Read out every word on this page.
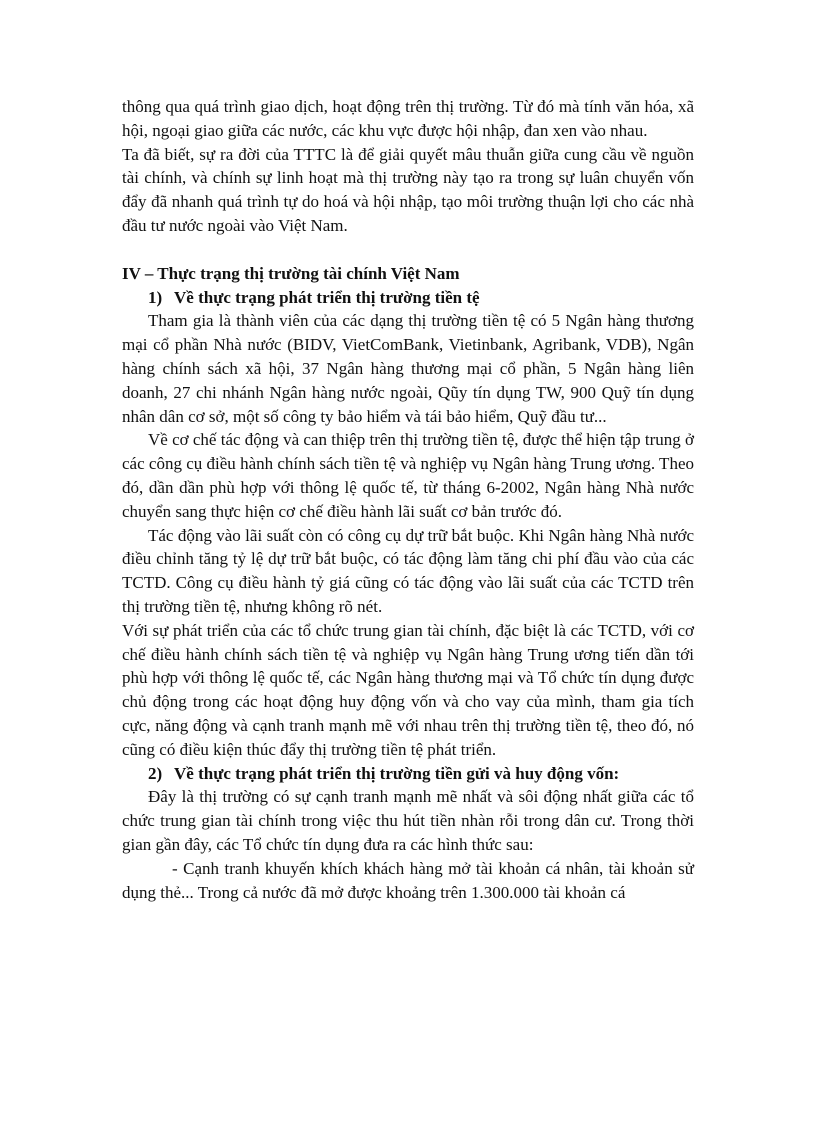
thông qua quá trình giao dịch, hoạt động trên thị trường. Từ đó mà tính văn hóa, xã hội, ngoại giao giữa các nước, các khu vực được hội nhập, đan xen vào nhau.

Ta đã biết, sự ra đời của TTTC là để giải quyết mâu thuẫn giữa cung cầu về nguồn tài chính, và chính sự linh hoạt mà thị trường này tạo ra trong sự luân chuyển vốn đẩy đã nhanh quá trình tự do hoá và hội nhập, tạo môi trường thuận lợi cho các nhà đầu tư nước ngoài vào Việt Nam.

IV – Thực trạng thị trường tài chính Việt Nam
1) Về thực trạng phát triển thị trường tiền tệ

Tham gia là thành viên của các dạng thị trường tiền tệ có 5 Ngân hàng thương mại cổ phần Nhà nước (BIDV, VietComBank, Vietinbank, Agribank, VDB), Ngân hàng chính sách xã hội, 37 Ngân hàng thương mại cổ phần, 5 Ngân hàng liên doanh, 27 chi nhánh Ngân hàng nước ngoài, Qũy tín dụng TW, 900 Quỹ tín dụng nhân dân cơ sở, một số công ty bảo hiểm và tái bảo hiểm, Quỹ đầu tư...

Về cơ chế tác động và can thiệp trên thị trường tiền tệ, được thể hiện tập trung ở các công cụ điều hành chính sách tiền tệ và nghiệp vụ Ngân hàng Trung ương. Theo đó, dần dần phù hợp với thông lệ quốc tế, từ tháng 6-2002, Ngân hàng Nhà nước chuyển sang thực hiện cơ chế điều hành lãi suất cơ bản trước đó.

Tác động vào lãi suất còn có công cụ dự trữ bắt buộc. Khi Ngân hàng Nhà nước điều chỉnh tăng tỷ lệ dự trữ bắt buộc, có tác động làm tăng chi phí đầu vào của các TCTD. Công cụ điều hành tỷ giá cũng có tác động vào lãi suất của các TCTD trên thị trường tiền tệ, nhưng không rõ nét.

Với sự phát triển của các tổ chức trung gian tài chính, đặc biệt là các TCTD, với cơ chế điều hành chính sách tiền tệ và nghiệp vụ Ngân hàng Trung ương tiến dần tới phù hợp với thông lệ quốc tế, các Ngân hàng thương mại và Tổ chức tín dụng được chủ động trong các hoạt động huy động vốn và cho vay của mình, tham gia tích cực, năng động và cạnh tranh mạnh mẽ với nhau trên thị trường tiền tệ, theo đó, nó cũng có điều kiện thúc đẩy thị trường tiền tệ phát triển.

2) Về thực trạng phát triển thị trường tiền gửi và huy động vốn:

Đây là thị trường có sự cạnh tranh mạnh mẽ nhất và sôi động nhất giữa các tổ chức trung gian tài chính trong việc thu hút tiền nhàn rỗi trong dân cư. Trong thời gian gần đây, các Tổ chức tín dụng đưa ra các hình thức sau:

- Cạnh tranh khuyến khích khách hàng mở tài khoản cá nhân, tài khoản sử dụng thẻ... Trong cả nước đã mở được khoảng trên 1.300.000 tài khoản cá
